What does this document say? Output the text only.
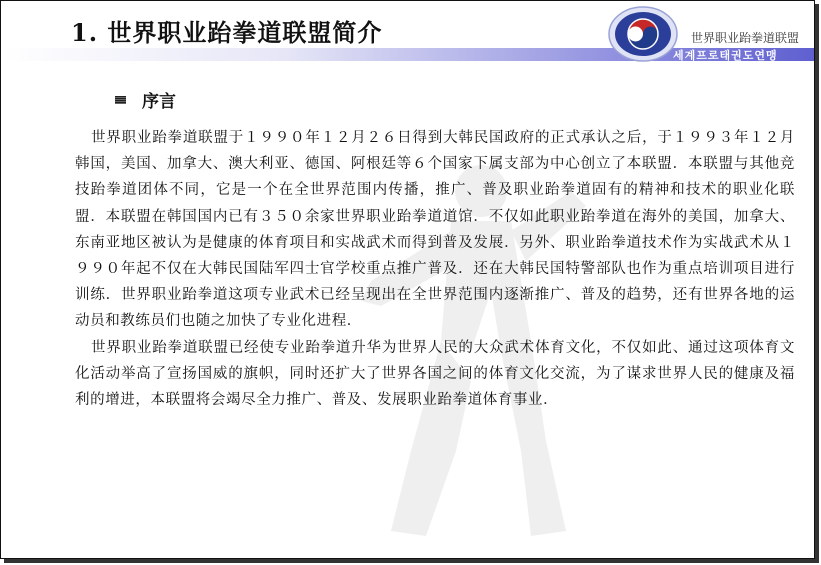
1. 世界职业跆拳道联盟简介	世界职业跆拳道联盟
세계프로태권도연맹
序言

世界职业跆拳道联盟于１９９０年１２月２６日得到大韩民国政府的正式承认之后，于１９９３年１２月韩国，美国、加拿大、澳大利亚、德国、阿根廷等６个国家下属支部为中心创立了本联盟．本联盟与其他竞技跆拳道团体不同，它是一个在全世界范围内传播，推广、普及职业跆拳道固有的精神和技术的职业化联盟．本联盟在韩国国内已有３５０余家世界职业跆拳道道馆．不仅如此职业跆拳道在海外的美国，加拿大、东南亚地区被认为是健康的体育项目和实战武术而得到普及发展．另外、职业跆拳道技术作为实战武术从１９９０年起不仅在大韩民国陆军四士官学校重点推广普及．还在大韩民国特警部队也作为重点培训项目进行训练．世界职业跆拳道这项专业武术已经呈现出在全世界范围内逐渐推广、普及的趋势，还有世界各地的运动员和教练员们也随之加快了专业化进程．

世界职业跆拳道联盟已经使专业跆拳道升华为世界人民的大众武术体育文化，不仅如此、通过这项体育文化活动举高了宣扬国威的旗帜，同时还扩大了世界各国之间的体育文化交流，为了谋求世界人民的健康及福利的增进，本联盟将会竭尽全力推广、普及、发展职业跆拳道体育事业．
